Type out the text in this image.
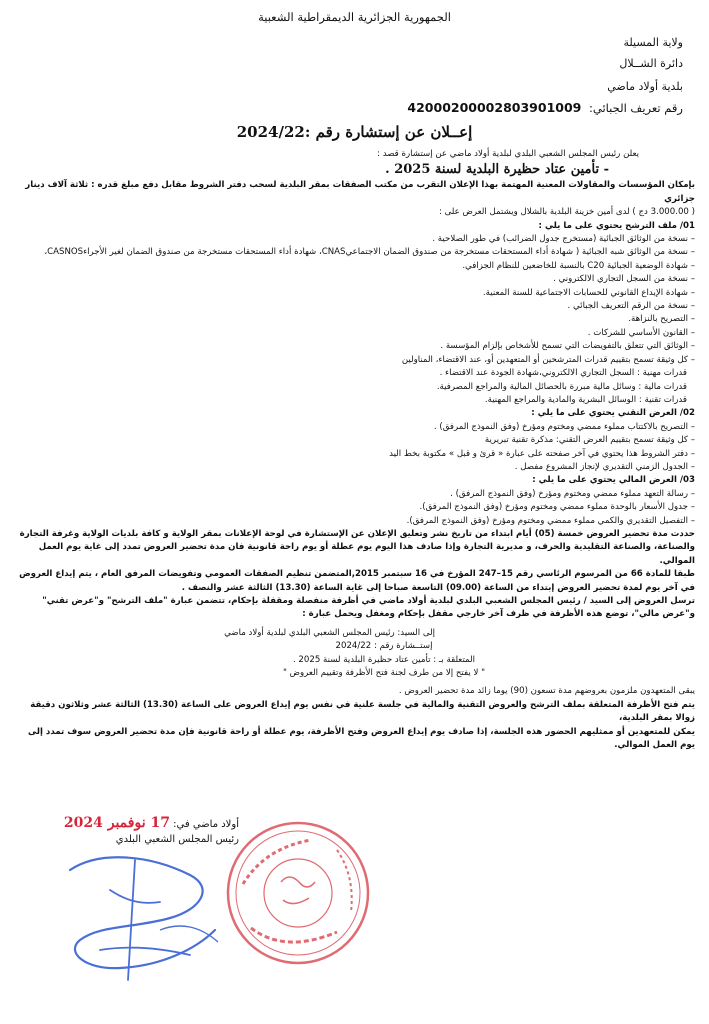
الجمهورية الجزائرية الديمقراطية الشعبية
ولاية المسيلة
دائرة الشــلال
بلدية أولاد ماضي
رقم تعريف الجبائي: 4200020000280390​1009
إعــلان عن إستشارة رقم :2024/22

يعلن رئيس المجلس الشعبي البلدي لبلدية أولاد ماضي عن إستشارة قصد :

- تأمين عتاد حظيرة البلدية لسنة 2025 .

بإمكان المؤسسات والمقاولات المعنية المهتمة بهذا الإعلان التقرب من مكتب الصفقات بمقر البلدية لسحب دفتر الشروط مقابل دفع مبلغ قدره : ثلاثة آلاف دينار جزائري

( 3.000.00 دج ) لدى أمين خزينة البلدية بالشلال ويشتمل العرض على :

01/ ملف الترشح يحتوي على ما يلي :

– نسخة من الوثائق الجبائية (مستخرج جدول الضرائب) في طور الصلاحية .

– نسخة من الوثائق شبه الجبائية ( شهادة أداء المستحقات مستخرجة من صندوق الضمان الاجتماعيCNAS، شهادة أداء المستحقات مستخرجة من صندوق الضمان لغير الأجراءCASNOS،

– شهادة الوضعية الجبائية C20 بالنسبة للخاضعين للنظام الجزافي.

– نسخة من السجل التجاري الالكتروني .

– شهادة الإيداع القانوني للحسابات الاجتماعية للسنة المعنية.

– نسخة من الرقم التعريف الجبائي .

– التصريح بالنزاهة.

– القانون الأساسي للشركات .

– الوثائق التي تتعلق بالتفويضات التي تسمح للأشخاص بإلزام المؤسسة .

– كل وثيقة تسمح بتقييم قدرات المترشحين أو المتعهدين أو، عند الاقتضاء، المناولين

قدرات مهنية : السجل التجاري الالكتروني،شهادة الجودة عند الاقتضاء .

قدرات مالية : وسائل مالية مبررة بالحصائل المالية والمراجع المصرفية.

قدرات تقنية : الوسائل البشرية والمادية والمراجع المهنية.

02/ العرض التقني يحتوي على ما يلي :

– التصريح بالاكتتاب مملوء ممضي ومختوم ومؤرخ (وفق النموذج المرفق) .

– كل وثيقة تسمح بتقييم العرض التقني: مذكرة تقنية تبريرية

– دفتر الشروط هذا يحتوي في آخر صفحته على عبارة « قرئ و قبل » مكتوبة بخط اليد

– الجدول الزمني التقديري لإنجاز المشروع مفصل .

03/ العرض المالي يحتوي على ما يلي :

– رسالة التعهد مملوء ممضي ومختوم ومؤرخ (وفق النموذج المرفق) .

– جدول الأسعار بالوحدة مملوء ممضي ومختوم ومؤرخ (وفق النموذج المرفق).

– التفصيل التقديري والكمي مملوء ممضي ومختوم ومؤرخ (وفق النموذج المرفق).

حددت مدة تحضير العروض خمسة (05) أيام ابتداء من تاريخ نشر وتعليق الإعلان عن الإستشارة في لوحة الإعلانات بمقر الولاية و كافة بلديات الولاية وغرفة التجارة والصناعة، والصناعة التقليدية والحرف، و مديرية التجارة وإذا صادف هذا اليوم يوم عطلة أو يوم راحة قانونية فان مدة تحضير العروض تمدد إلى غاية يوم العمل الموالي.

طبقا للمادة 66 من المرسوم الرئاسي رقم 15–247 المؤرخ في 16 سبتمبر 2015,المتضمن تنظيم الصفقات العمومي وتفويضات المرفق العام ، يتم إيداع العروض في آخر يوم لمدة تحضير العروض إبتداء من الساعة (09.00) التاسعة صباحا إلى غاية الساعة (13.30) الثالثة عشر والنصف .

ترسل العروض إلى السيد / رئيس المجلس الشعبي البلدي لبلدية أولاد ماضي في أظرفة منفصلة ومقفلة بإحكام، تتضمن عبارة "ملف الترشح" و"عرض تقني" و"عرض مالي"، توضع هذه الأظرفة في ظرف آخر خارجي مقفل بإحكام ومغفل ويحمل عبارة :

إلى السيد: رئيس المجلس الشعبي البلدي لبلدية أولاد ماضي

إستــشارة رقم : 2024/22

المتعلقة بـ : تأمين عتاد حظيرة البلدية لسنة 2025 .

" لا يفتح إلا من طرف لجنة فتح الأظرفة وتقييم العروض "

يبقى المتعهدون ملزمون بعروضهم مدة تسعون (90) يوما زائد مدة تحضير العروض .

يتم فتح الأظرفة المتعلقة بملف الترشح والعروض التقنية والمالية في جلسة علنية في نفس يوم إيداع العروض على الساعة (13.30) الثالثة عشر وثلاثون دقيقة زوالا بمقر البلدية،

يمكن للمتعهدين أو ممثليهم الحضور هذه الجلسة، إذا صادف يوم إيداع العروض وفتح الأظرفة، يوم عطلة أو راحة قانونية فإن مدة تحضير العروض سوف تمدد إلى يوم العمل الموالي.

أولاد ماضي في: 17 نوفمبر 2024
رئيس المجلس الشعبي البلدي
